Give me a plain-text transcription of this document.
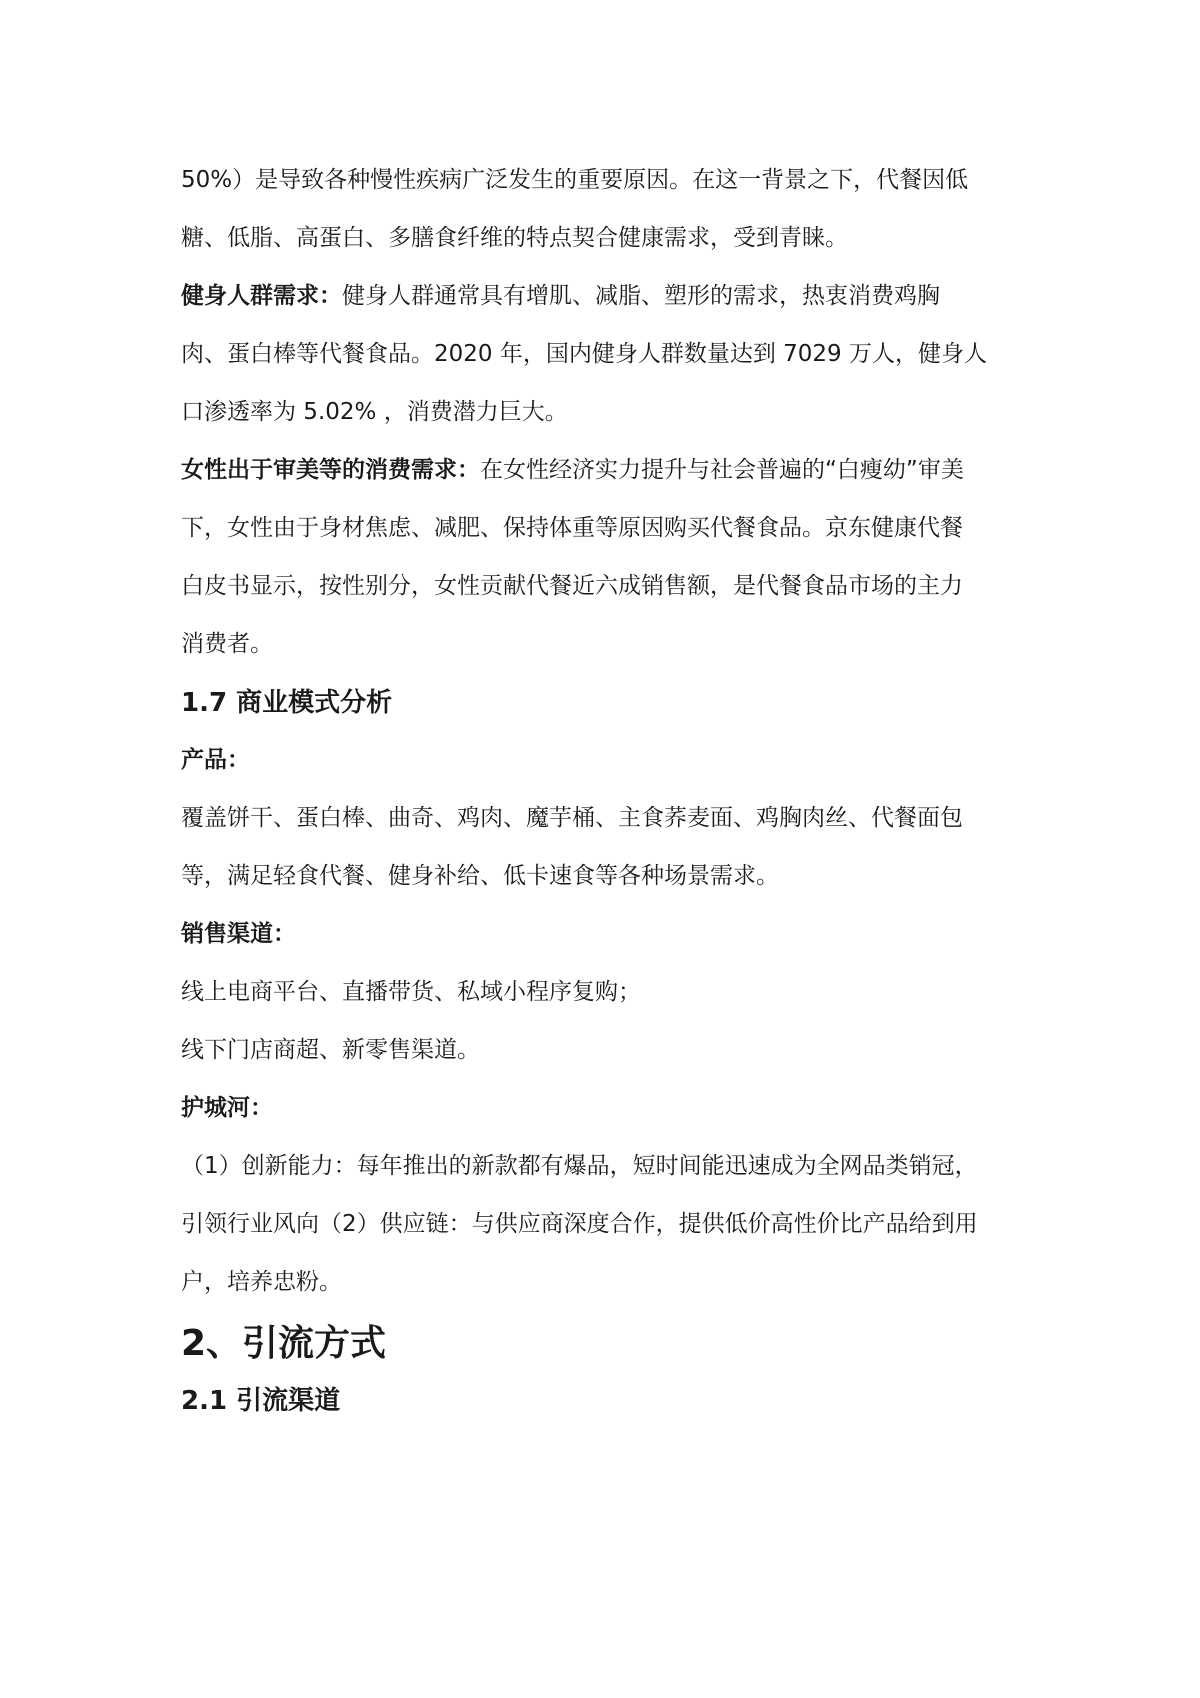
50%）是导致各种慢性疾病广泛发生的重要原因。在这一背景之下，代餐因低
糖、低脂、高蛋白、多膳食纤维的特点契合健康需求，受到青睐。
健身人群需求：健身人群通常具有增肌、减脂、塑形的需求，热衷消费鸡胸
肉、蛋白棒等代餐食品。2020 年，国内健身人群数量达到 7029 万人，健身人
口渗透率为 5.02% ，消费潜力巨大。
女性出于审美等的消费需求：在女性经济实力提升与社会普遍的“白瘦幼”审美
下，女性由于身材焦虑、减肥、保持体重等原因购买代餐食品。京东健康代餐
白皮书显示，按性别分，女性贡献代餐近六成销售额，是代餐食品市场的主力
消费者。
1.7 商业模式分析
产品：
覆盖饼干、蛋白棒、曲奇、鸡肉、魔芋桶、主食荞麦面、鸡胸肉丝、代餐面包
等，满足轻食代餐、健身补给、低卡速食等各种场景需求。
销售渠道：
线上电商平台、直播带货、私域小程序复购；
线下门店商超、新零售渠道。
护城河：
（1）创新能力：每年推出的新款都有爆品，短时间能迅速成为全网品类销冠，
引领行业风向（2）供应链：与供应商深度合作，提供低价高性价比产品给到用
户，培养忠粉。
2、引流方式
2.1 引流渠道
